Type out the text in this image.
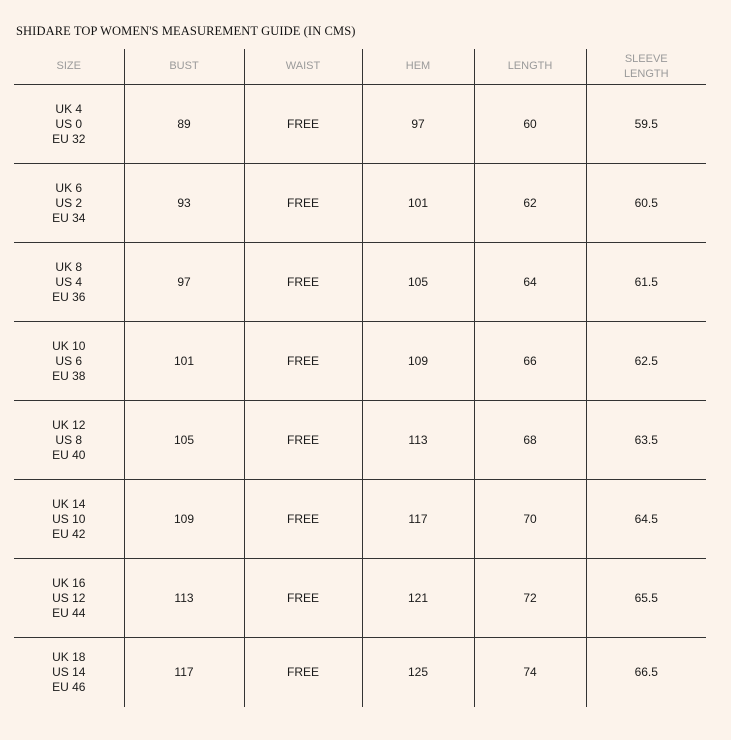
SHIDARE TOP WOMEN'S MEASUREMENT GUIDE (IN CMS)
SIZE	BUST	WAIST	HEM	LENGTH	SLEEVE
LENGTH

UK 4
US 0
EU 32	89	FREE	97	60	59.5

UK 6
US 2
EU 34	93	FREE	101	62	60.5

UK 8
US 4
EU 36	97	FREE	105	64	61.5

UK 10
US 6
EU 38	101	FREE	109	66	62.5

UK 12
US 8
EU 40	105	FREE	113	68	63.5

UK 14
US 10
EU 42	109	FREE	117	70	64.5

UK 16
US 12
EU 44	113	FREE	121	72	65.5

UK 18
US 14
EU 46	117	FREE	125	74	66.5
